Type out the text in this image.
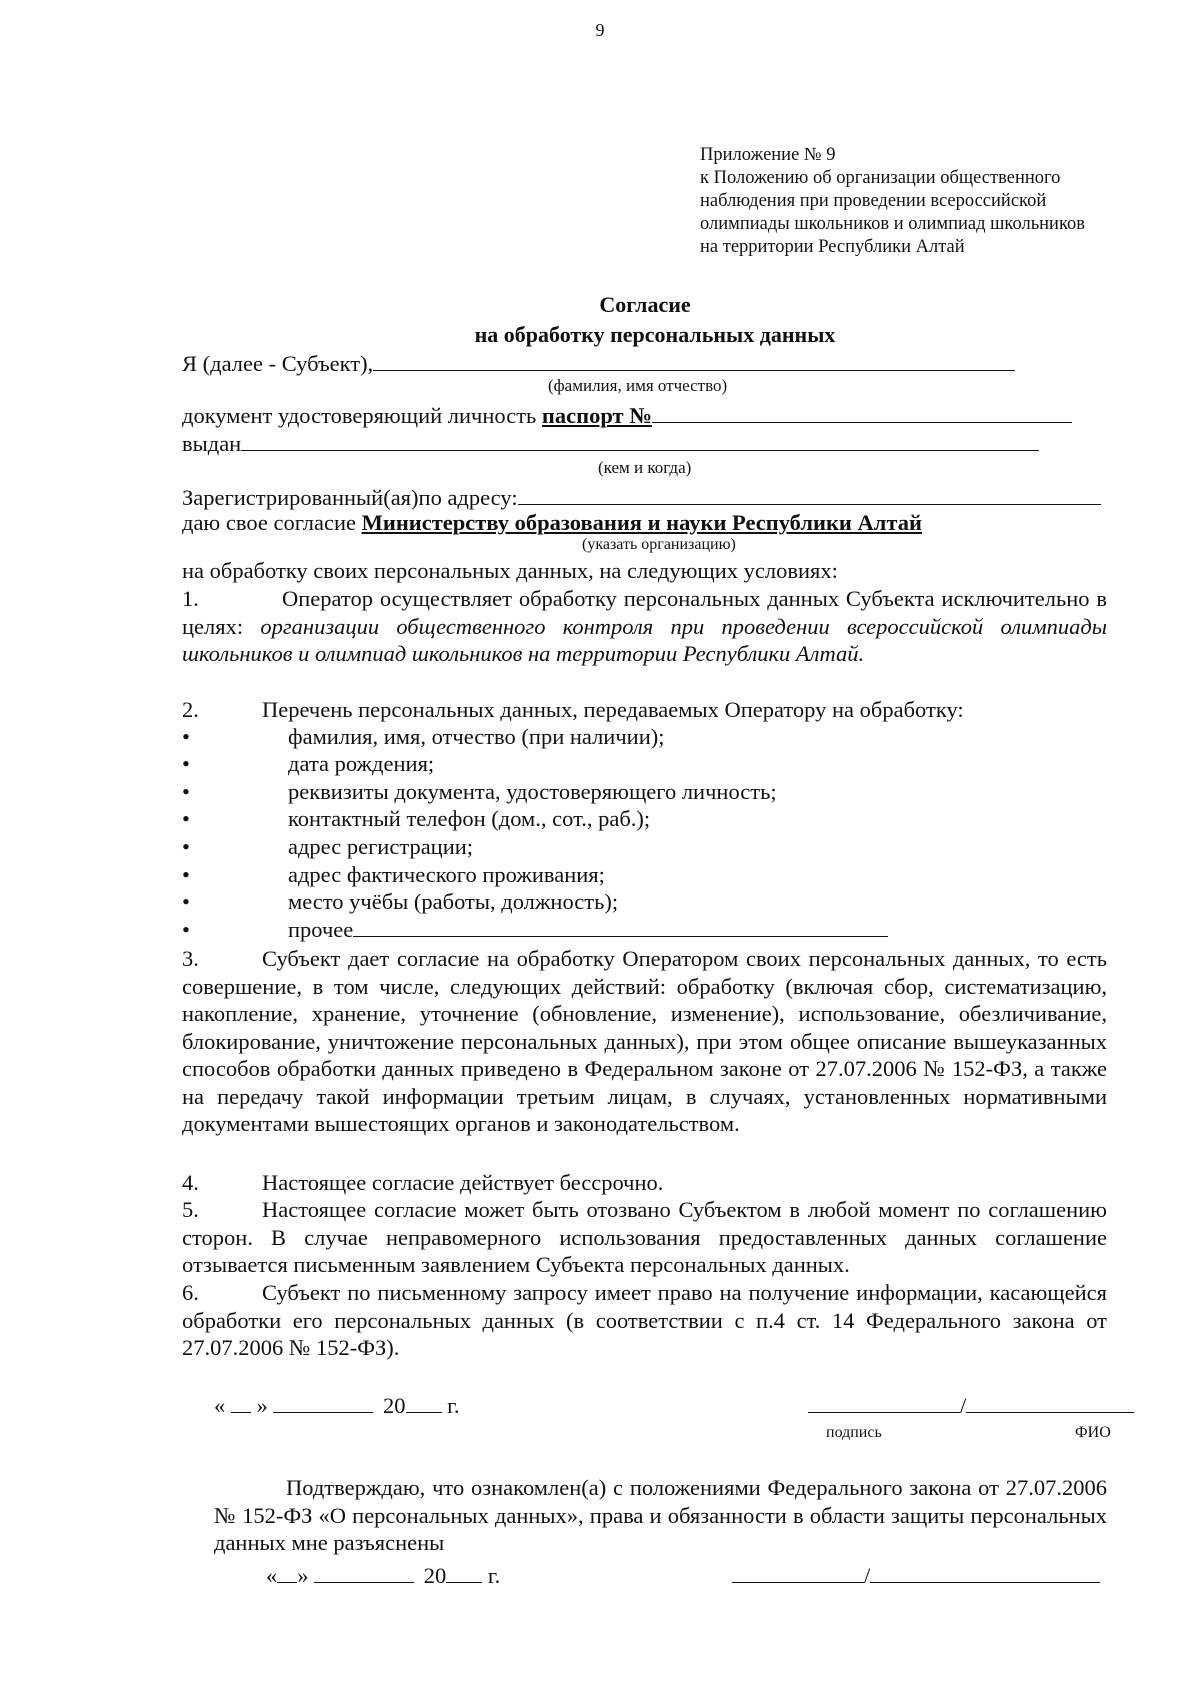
9
Приложение № 9
к Положению об организации общественного
наблюдения при проведении всероссийской
олимпиады школьников и олимпиад школьников
на территории Республики Алтай
Согласие
на обработку персональных данных
Я (далее - Субъект),
(фамилия, имя отчество)
документ удостоверяющий личность паспорт №
выдан
(кем и когда)
Зарегистрированный(ая)по адресу:
даю свое согласие Министерству образования и науки Республики Алтай
(указать организацию)
на обработку своих персональных данных, на следующих условиях:
1.	Оператор осуществляет обработку персональных данных Субъекта исключительно в целях: организации общественного контроля при проведении всероссийской олимпиады школьников и олимпиад школьников на территории Республики Алтай.
2.	Перечень персональных данных, передаваемых Оператору на обработку:
•	фамилия, имя, отчество (при наличии);
•	дата рождения;
•	реквизиты документа, удостоверяющего личность;
•	контактный телефон (дом., сот., раб.);
•	адрес регистрации;
•	адрес фактического проживания;
•	место учёбы (работы, должность);
•	прочее
3.	Субъект дает согласие на обработку Оператором своих персональных данных, то есть совершение, в том числе, следующих действий: обработку (включая сбор, систематизацию, накопление, хранение, уточнение (обновление, изменение), использование, обезличивание, блокирование, уничтожение персональных данных), при этом общее описание вышеуказанных способов обработки данных приведено в Федеральном законе от 27.07.2006 № 152-ФЗ, а также на передачу такой информации третьим лицам, в случаях, установленных нормативными документами вышестоящих органов и законодательством.
4.	Настоящее согласие действует бессрочно.
5.	Настоящее согласие может быть отозвано Субъектом в любой момент по соглашению сторон. В случае неправомерного использования предоставленных данных соглашение отзывается письменным заявлением Субъекта персональных данных.
6.	Субъект по письменному запросу имеет право на получение информации, касающейся обработки его персональных данных (в соответствии с п.4 ст. 14 Федерального закона от 27.07.2006 № 152-ФЗ).
« »	20 г.	/
подпись	ФИО
Подтверждаю, что ознакомлен(а) с положениями Федерального закона от 27.07.2006 № 152-ФЗ «О персональных данных», права и обязанности в области защиты персональных данных мне разъяснены
« »	20 г.	/
